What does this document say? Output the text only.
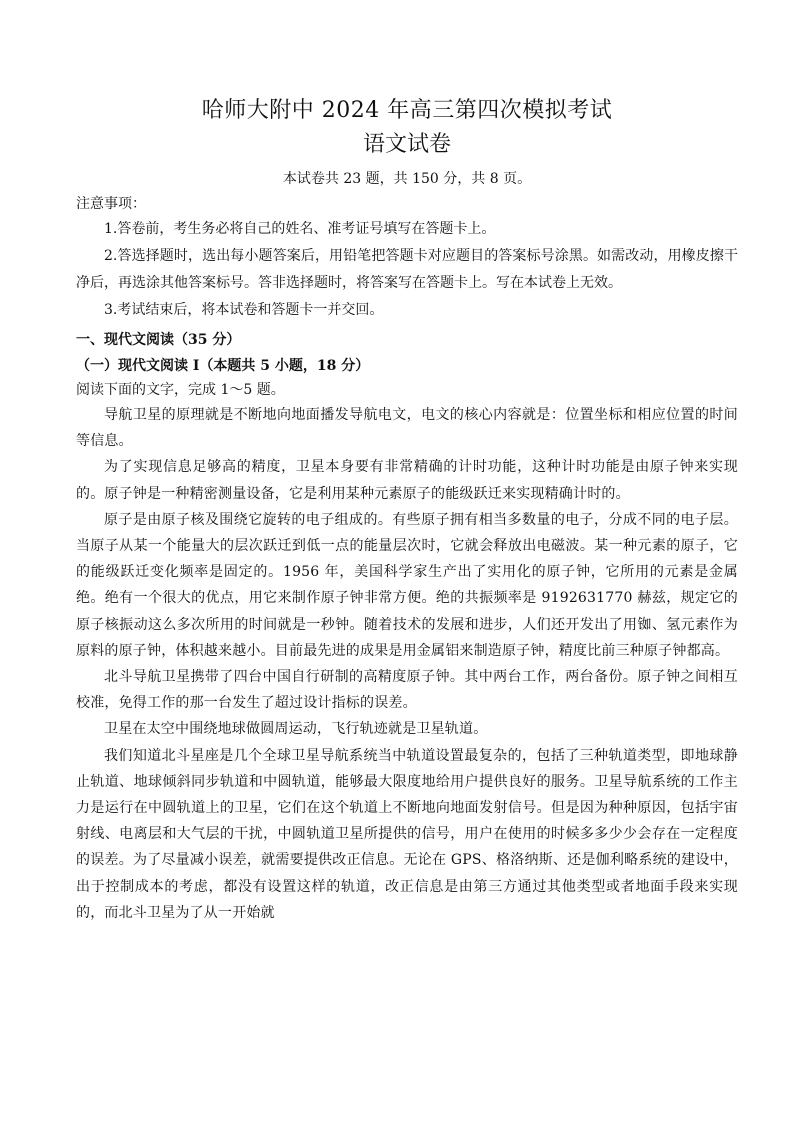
哈师大附中 2024 年高三第四次模拟考试
语文试卷

本试卷共 23 题，共 150 分，共 8 页。

注意事项：

1.答卷前，考生务必将自己的姓名、准考证号填写在答题卡上。

2.答选择题时，选出每小题答案后，用铅笔把答题卡对应题目的答案标号涂黑。如需改动，用橡皮擦干净后，再选涂其他答案标号。答非选择题时，将答案写在答题卡上。写在本试卷上无效。

3.考试结束后，将本试卷和答题卡一并交回。

一、现代文阅读（35 分）

（一）现代文阅读 I（本题共 5 小题，18 分）

阅读下面的文字，完成 1～5 题。

导航卫星的原理就是不断地向地面播发导航电文，电文的核心内容就是：位置坐标和相应位置的时间等信息。

为了实现信息足够高的精度，卫星本身要有非常精确的计时功能，这种计时功能是由原子钟来实现的。原子钟是一种精密测量设备，它是利用某种元素原子的能级跃迁来实现精确计时的。

原子是由原子核及围绕它旋转的电子组成的。有些原子拥有相当多数量的电子，分成不同的电子层。当原子从某一个能量大的层次跃迁到低一点的能量层次时，它就会释放出电磁波。某一种元素的原子，它的能级跃迁变化频率是固定的。1956 年，美国科学家生产出了实用化的原子钟，它所用的元素是金属绝。绝有一个很大的优点，用它来制作原子钟非常方便。绝的共振频率是 9192631770 赫兹，规定它的原子核振动这么多次所用的时间就是一秒钟。随着技术的发展和进步，人们还开发出了用铷、氢元素作为原料的原子钟，体积越来越小。目前最先进的成果是用金属铝来制造原子钟，精度比前三种原子钟都高。

北斗导航卫星携带了四台中国自行研制的高精度原子钟。其中两台工作，两台备份。原子钟之间相互校准，免得工作的那一台发生了超过设计指标的误差。

卫星在太空中围绕地球做圆周运动，飞行轨迹就是卫星轨道。

我们知道北斗星座是几个全球卫星导航系统当中轨道设置最复杂的，包括了三种轨道类型，即地球静止轨道、地球倾斜同步轨道和中圆轨道，能够最大限度地给用户提供良好的服务。卫星导航系统的工作主力是运行在中圆轨道上的卫星，它们在这个轨道上不断地向地面发射信号。但是因为种种原因，包括宇宙射线、电离层和大气层的干扰，中圆轨道卫星所提供的信号，用户在使用的时候多多少少会存在一定程度的误差。为了尽量减小误差，就需要提供改正信息。无论在 GPS、格洛纳斯、还是伽利略系统的建设中，出于控制成本的考虑，都没有设置这样的轨道，改正信息是由第三方通过其他类型或者地面手段来实现的，而北斗卫星为了从一开始就
